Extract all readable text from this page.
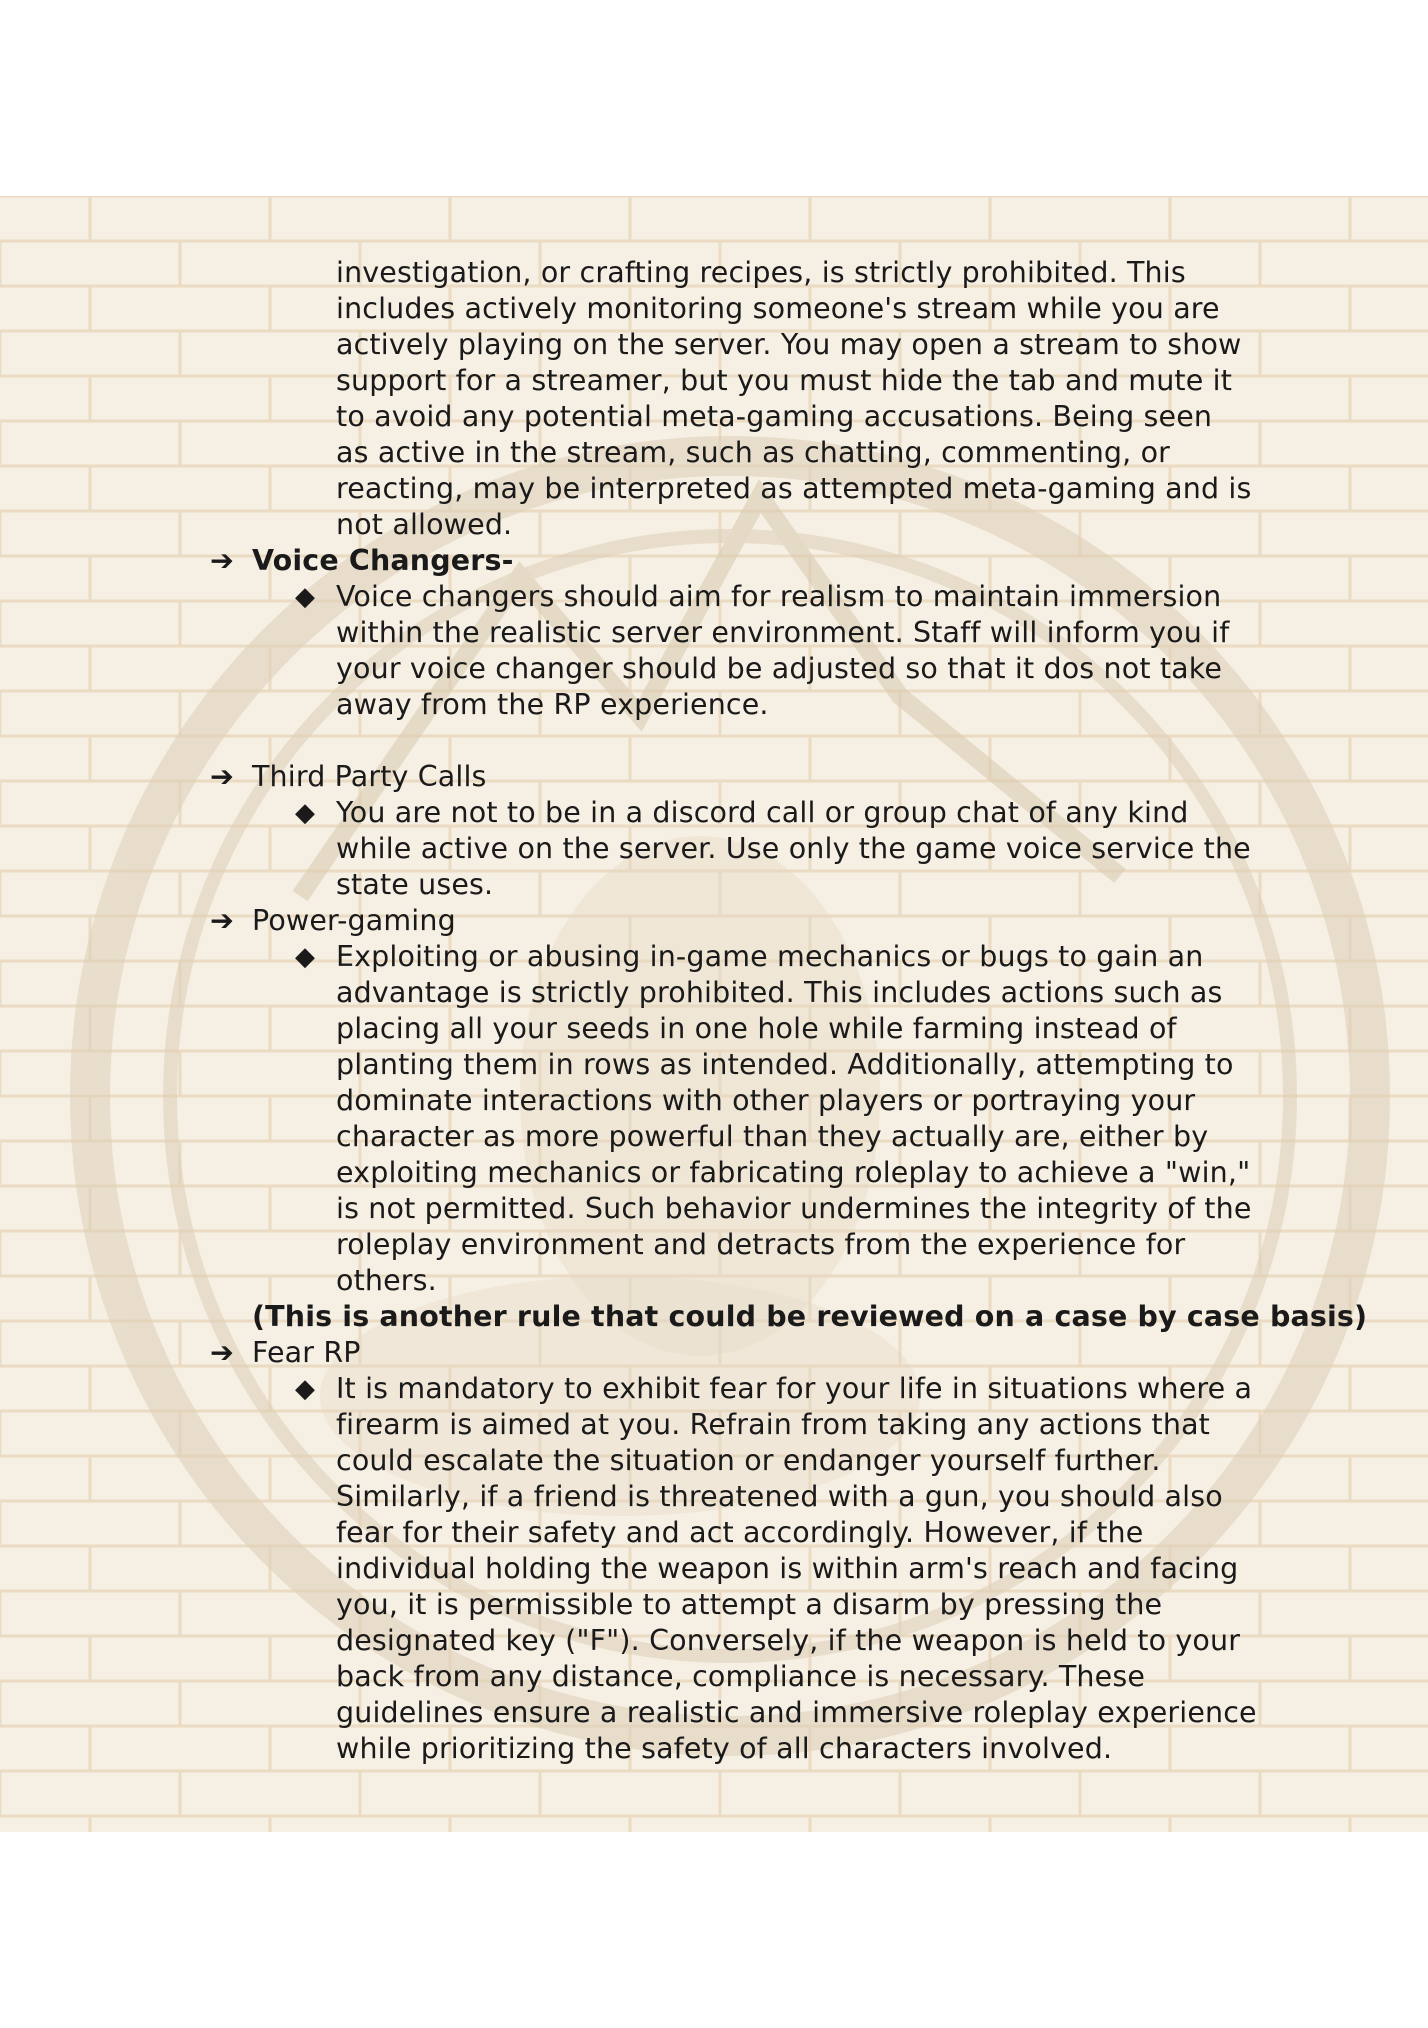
investigation, or crafting recipes, is strictly prohibited. This
includes actively monitoring someone's stream while you are
actively playing on the server. You may open a stream to show
support for a streamer, but you must hide the tab and mute it
to avoid any potential meta-gaming accusations. Being seen
as active in the stream, such as chatting, commenting, or
reacting, may be interpreted as attempted meta-gaming and is
not allowed.
➔ Voice Changers-
◆ Voice changers should aim for realism to maintain immersion
within the realistic server environment. Staff will inform you if
your voice changer should be adjusted so that it dos not take
away from the RP experience.
➔ Third Party Calls
◆ You are not to be in a discord call or group chat of any kind
while active on the server. Use only the game voice service the
state uses.
➔ Power-gaming
◆ Exploiting or abusing in-game mechanics or bugs to gain an
advantage is strictly prohibited. This includes actions such as
placing all your seeds in one hole while farming instead of
planting them in rows as intended. Additionally, attempting to
dominate interactions with other players or portraying your
character as more powerful than they actually are, either by
exploiting mechanics or fabricating roleplay to achieve a "win,"
is not permitted. Such behavior undermines the integrity of the
roleplay environment and detracts from the experience for
others.
(This is another rule that could be reviewed on a case by case basis)
➔ Fear RP
◆ It is mandatory to exhibit fear for your life in situations where a
firearm is aimed at you. Refrain from taking any actions that
could escalate the situation or endanger yourself further.
Similarly, if a friend is threatened with a gun, you should also
fear for their safety and act accordingly. However, if the
individual holding the weapon is within arm's reach and facing
you, it is permissible to attempt a disarm by pressing the
designated key ("F"). Conversely, if the weapon is held to your
back from any distance, compliance is necessary. These
guidelines ensure a realistic and immersive roleplay experience
while prioritizing the safety of all characters involved.
